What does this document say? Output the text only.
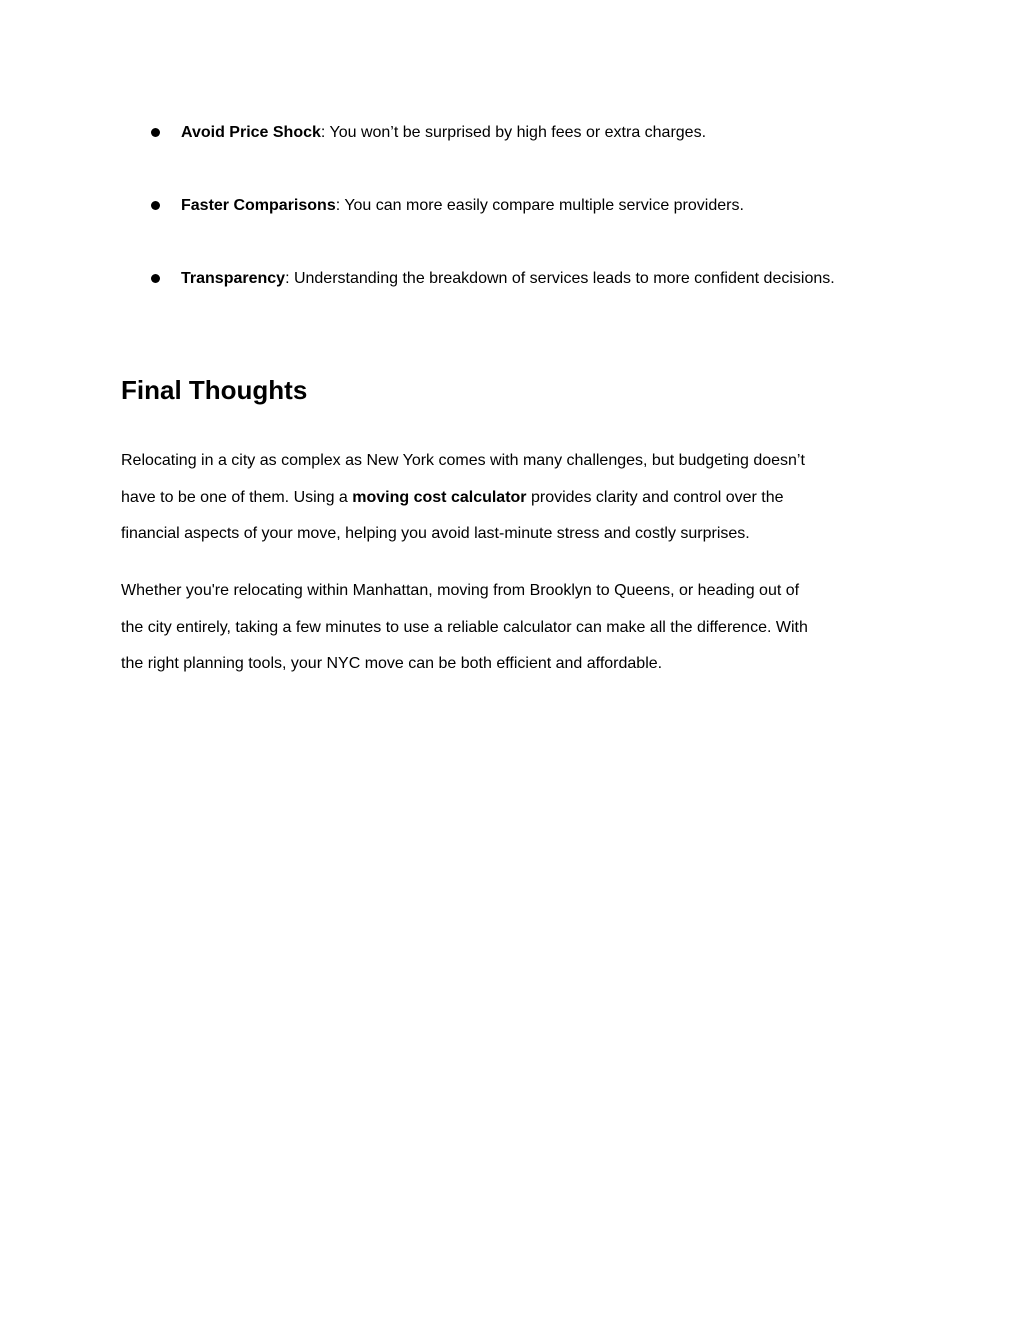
Avoid Price Shock: You won’t be surprised by high fees or extra charges.
Faster Comparisons: You can more easily compare multiple service providers.
Transparency: Understanding the breakdown of services leads to more confident decisions.
Final Thoughts

Relocating in a city as complex as New York comes with many challenges, but budgeting doesn’t
have to be one of them. Using a moving cost calculator provides clarity and control over the
financial aspects of your move, helping you avoid last-minute stress and costly surprises.

Whether you're relocating within Manhattan, moving from Brooklyn to Queens, or heading out of
the city entirely, taking a few minutes to use a reliable calculator can make all the difference. With
the right planning tools, your NYC move can be both efficient and affordable.
